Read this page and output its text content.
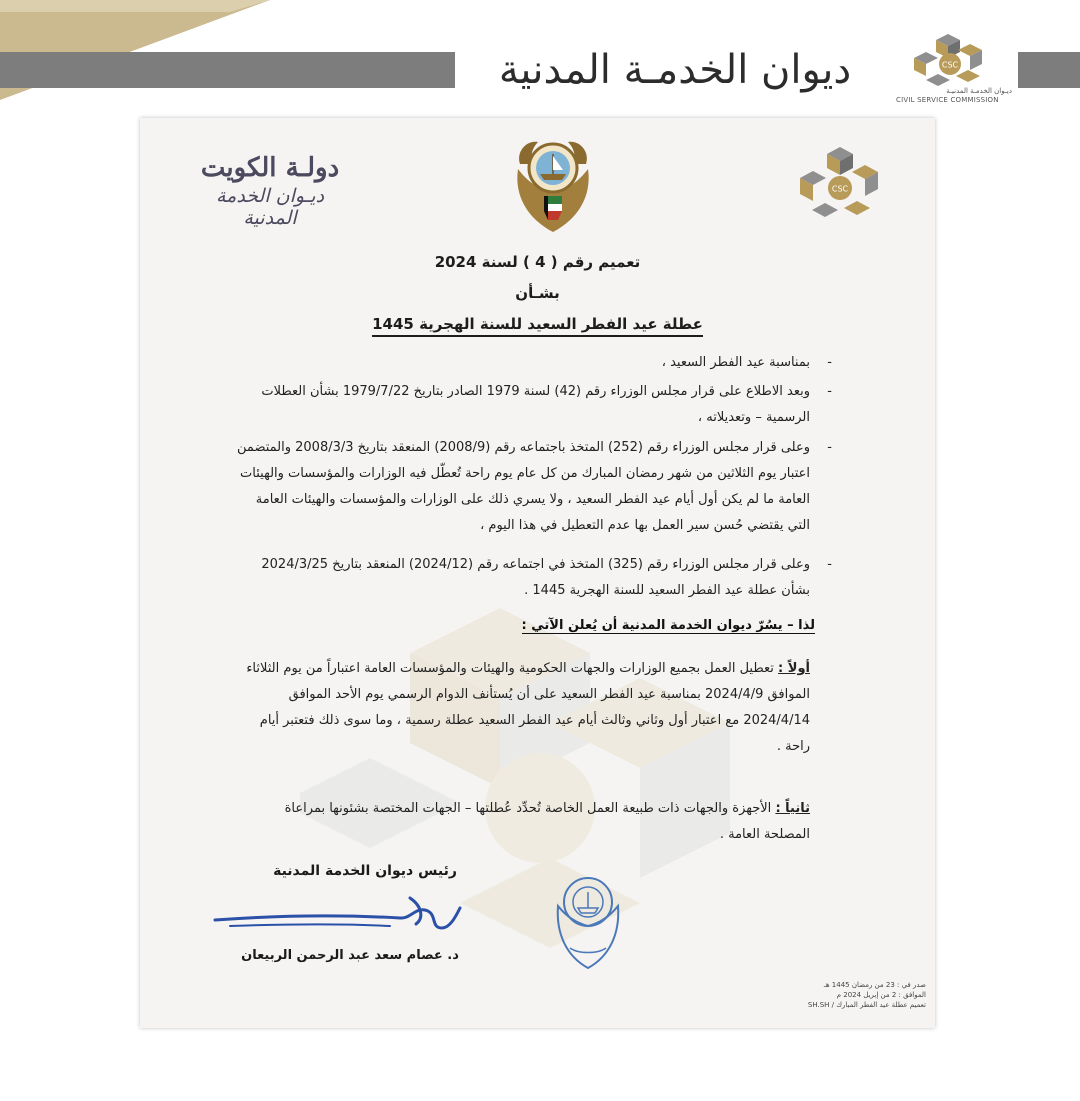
ديوان الخدمـة المدنية	CSC
ديـوان الخدمـة المدنيـة
CIVIL SERVICE COMMISSION
دولـة الكويت
ديـوان الخدمة المدنية
CSC
تعميم رقم ( 4 ) لسنة 2024
بشـأن
عطلة عيد الفطر السعيد للسنة الهجرية 1445
-
بمناسبة عيد الفطر السعيد ،
-
وبعد الاطلاع على قرار مجلس الوزراء رقم (42) لسنة 1979 الصادر بتاريخ 1979/7/22 بشأن العطلات الرسمية – وتعديلاته ،
-
وعلى قرار مجلس الوزراء رقم (252) المتخذ باجتماعه رقم (2008/9) المنعقد بتاريخ 2008/3/3 والمتضمن اعتبار يوم الثلاثين من شهر رمضان المبارك من كل عام يوم راحة تُعطّل فيه الوزارات والمؤسسات والهيئات العامة ما لم يكن أول أيام عيد الفطر السعيد ، ولا يسري ذلك على الوزارات والمؤسسات والهيئات العامة التي يقتضي حُسن سير العمل بها عدم التعطيل في هذا اليوم ،
-
وعلى قرار مجلس الوزراء رقم (325) المتخذ في اجتماعه رقم (2024/12) المنعقد بتاريخ 2024/3/25 بشأن عطلة عيد الفطر السعيد للسنة الهجرية 1445 .
لذا – يسُرّ ديوان الخدمة المدنية أن يُعلن الآتي :
أولاً : تعطيل العمل بجميع الوزارات والجهات الحكومية والهيئات والمؤسسات العامة اعتباراً من يوم الثلاثاء الموافق 2024/4/9 بمناسبة عيد الفطر السعيد على أن يُستأنف الدوام الرسمي يوم الأحد الموافق 2024/4/14 مع اعتبار أول وثاني وثالث أيام عيد الفطر السعيد عطلة رسمية ، وما سوى ذلك فتعتبر أيام راحة .
ثانياً : الأجهزة والجهات ذات طبيعة العمل الخاصة تُحدِّد عُطلتها – الجهات المختصة بشئونها بمراعاة المصلحة العامة .
رئيس ديوان الخدمة المدنية
د. عصام سعد عبد الرحمن الربيعان
صدر في : 23 من رمضان 1445 هـ
الموافق : 2 من إبريل 2024 م
تعميم عطلة عيد الفطر المبارك / SH.SH
